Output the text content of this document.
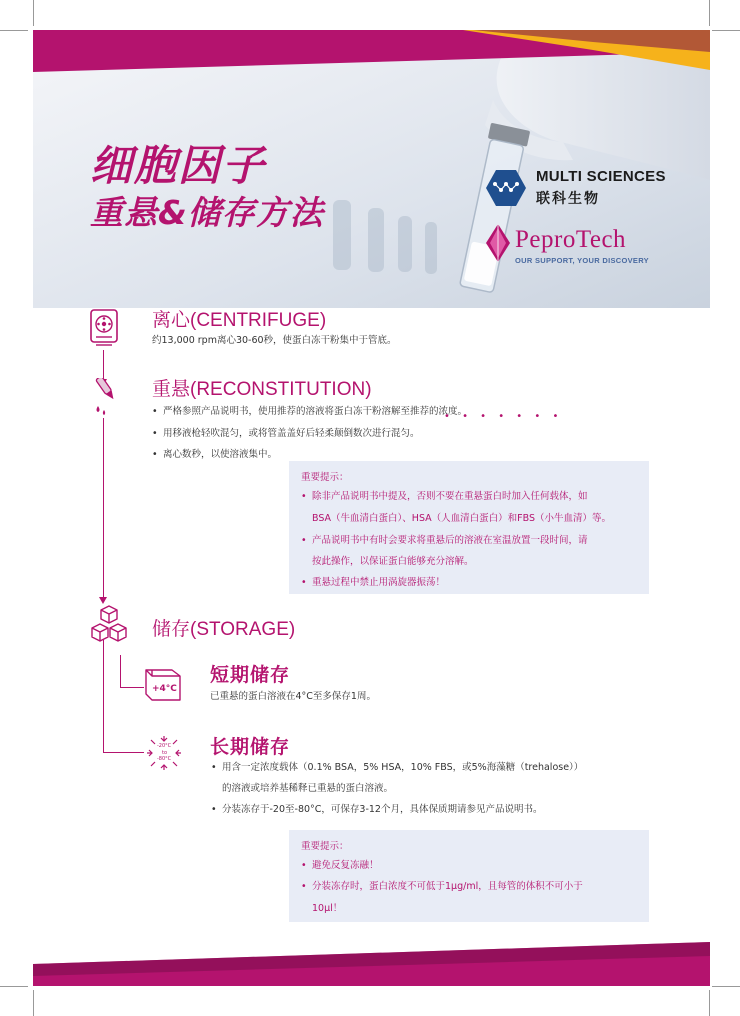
细胞因子
重悬&储存方法
MULTI SCIENCES
联科生物
PeproTech
OUR SUPPORT, YOUR DISCOVERY
离心(CENTRIFUGE)
约13,000 rpm离心30-60秒，使蛋白冻干粉集中于管底。
重悬(RECONSTITUTION)
• 严格参照产品说明书，使用推荐的溶液将蛋白冻干粉溶解至推荐的浓度。
• • • • • • •
• 用移液枪轻吹混匀，或将管盖盖好后轻柔颠倒数次进行混匀。
• 离心数秒，以使溶液集中。
重要提示：
• 除非产品说明书中提及，否则不要在重悬蛋白时加入任何载体，如
BSA（牛血清白蛋白）、HSA（人血清白蛋白）和FBS（小牛血清）等。
• 产品说明书中有时会要求将重悬后的溶液在室温放置一段时间，请
按此操作，以保证蛋白能够充分溶解。
• 重悬过程中禁止用涡旋器振荡！
储存(STORAGE)
+4°C
短期储存
已重悬的蛋白溶液在4°C至多保存1周。
-20°C
to
-80°C
长期储存
• 用含一定浓度载体（0.1% BSA，5% HSA，10% FBS，或5%海藻糖（trehalose））
的溶液或培养基稀释已重悬的蛋白溶液。
• 分装冻存于-20至-80°C，可保存3-12个月，具体保质期请参见产品说明书。
重要提示：
• 避免反复冻融！
• 分装冻存时，蛋白浓度不可低于1μg/ml，且每管的体积不可小于
10μl！
